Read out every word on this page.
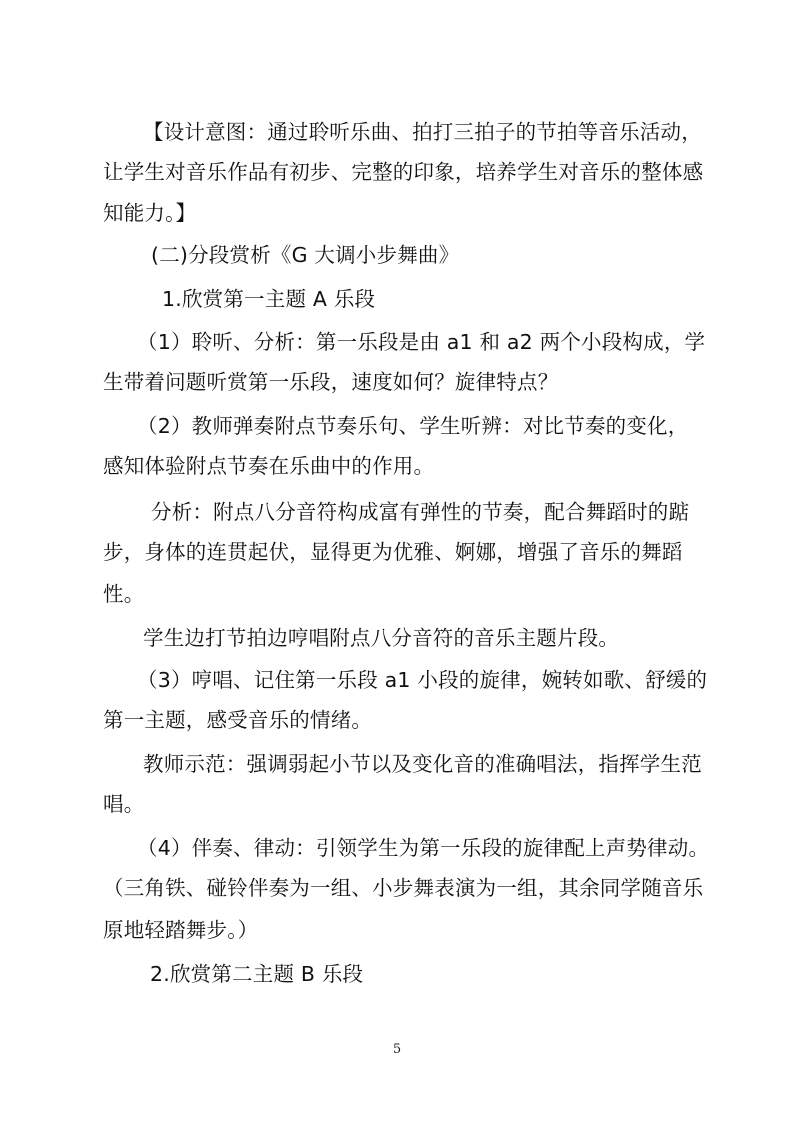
【设计意图：通过聆听乐曲、拍打三拍子的节拍等音乐活动，
让学生对音乐作品有初步、完整的印象，培养学生对音乐的整体感
知能力。】
(二)分段赏析《G 大调小步舞曲》
1.欣赏第一主题 A 乐段
（1）聆听、分析：第一乐段是由 a1 和 a2 两个小段构成，学
生带着问题听赏第一乐段，速度如何？旋律特点？
（2）教师弹奏附点节奏乐句、学生听辨：对比节奏的变化，
感知体验附点节奏在乐曲中的作用。
分析：附点八分音符构成富有弹性的节奏，配合舞蹈时的踮
步，身体的连贯起伏，显得更为优雅、婀娜，增强了音乐的舞蹈
性。
学生边打节拍边哼唱附点八分音符的音乐主题片段。
（3）哼唱、记住第一乐段 a1 小段的旋律，婉转如歌、舒缓的
第一主题，感受音乐的情绪。
教师示范：强调弱起小节以及变化音的准确唱法，指挥学生范
唱。
（4）伴奏、律动：引领学生为第一乐段的旋律配上声势律动。
（三角铁、碰铃伴奏为一组、小步舞表演为一组，其余同学随音乐
原地轻踏舞步。）
2.欣赏第二主题 B 乐段
5
